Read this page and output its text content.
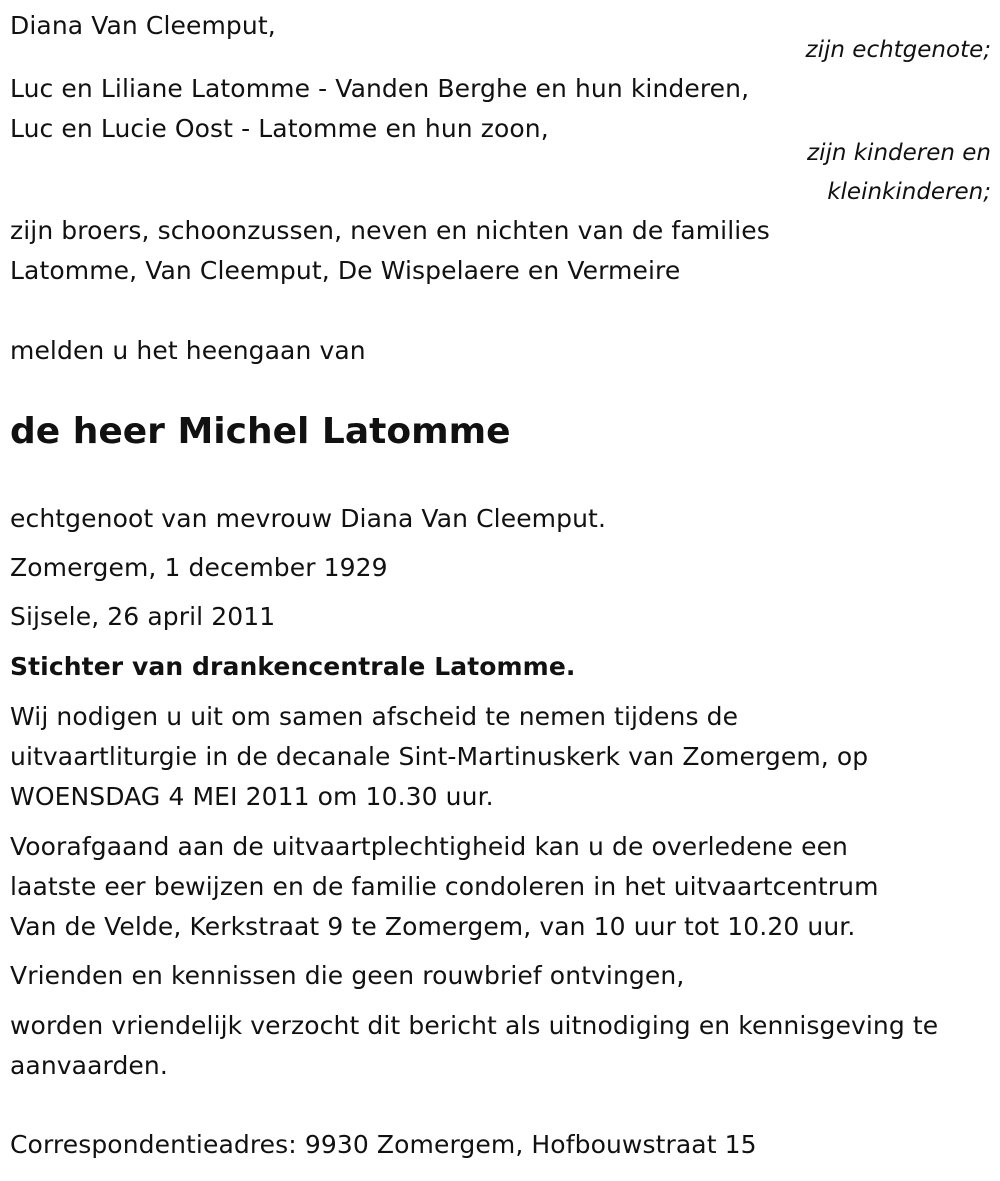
Diana Van Cleemput,
zijn echtgenote;
Luc en Liliane Latomme - Vanden Berghe en hun kinderen,
Luc en Lucie Oost - Latomme en hun zoon,
zijn kinderen en
kleinkinderen;
zijn broers, schoonzussen, neven en nichten van de families
Latomme, Van Cleemput, De Wispelaere en Vermeire
melden u het heengaan van
de heer Michel Latomme
echtgenoot van mevrouw Diana Van Cleemput.
Zomergem, 1 december 1929
Sijsele, 26 april 2011
Stichter van drankencentrale Latomme.
Wij nodigen u uit om samen afscheid te nemen tijdens de
uitvaartliturgie in de decanale Sint-Martinuskerk van Zomergem, op
WOENSDAG 4 MEI 2011 om 10.30 uur.
Voorafgaand aan de uitvaartplechtigheid kan u de overledene een
laatste eer bewijzen en de familie condoleren in het uitvaartcentrum
Van de Velde, Kerkstraat 9 te Zomergem, van 10 uur tot 10.20 uur.
Vrienden en kennissen die geen rouwbrief ontvingen,
worden vriendelijk verzocht dit bericht als uitnodiging en kennisgeving te
aanvaarden.
Correspondentieadres: 9930 Zomergem, Hofbouwstraat 15
